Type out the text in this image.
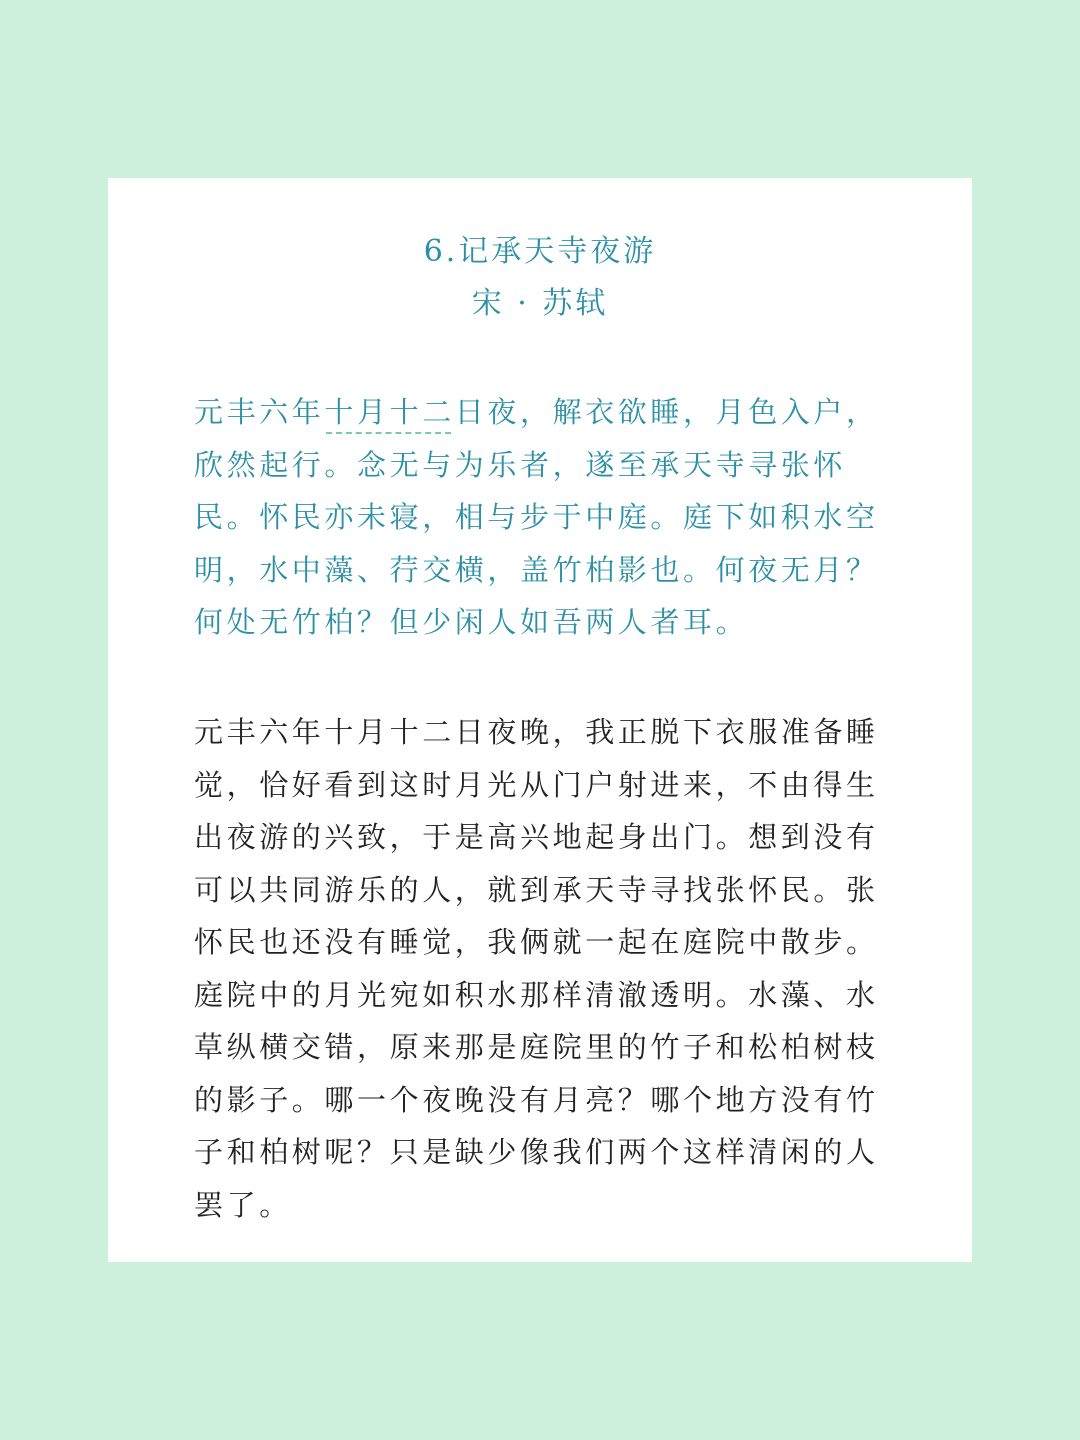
6.记承天寺夜游
宋 · 苏轼

元丰六年十月十二日夜，解衣欲睡，月色入户，欣然起行。念无与为乐者，遂至承天寺寻张怀民。怀民亦未寝，相与步于中庭。庭下如积水空明，水中藻、荇交横，盖竹柏影也。何夜无月？何处无竹柏？但少闲人如吾两人者耳。

元丰六年十月十二日夜晚，我正脱下衣服准备睡觉，恰好看到这时月光从门户射进来，不由得生出夜游的兴致，于是高兴地起身出门。想到没有可以共同游乐的人，就到承天寺寻找张怀民。张怀民也还没有睡觉，我俩就一起在庭院中散步。庭院中的月光宛如积水那样清澈透明。水藻、水草纵横交错，原来那是庭院里的竹子和松柏树枝的影子。哪一个夜晚没有月亮？哪个地方没有竹子和柏树呢？只是缺少像我们两个这样清闲的人罢了。
